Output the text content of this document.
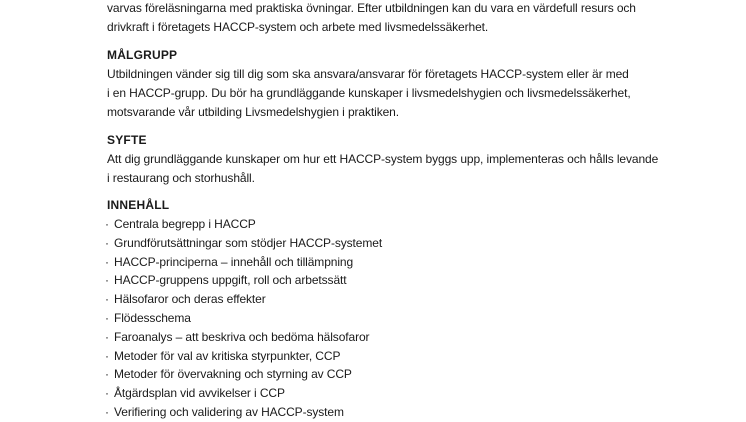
varvas föreläsningarna med praktiska övningar. Efter utbildningen kan du vara en värdefull resurs och
drivkraft i företagets HACCP-system och arbete med livsmedelssäkerhet.
MÅLGRUPP
Utbildningen vänder sig till dig som ska ansvara/ansvarar för företagets HACCP-system eller är med
i en HACCP-grupp. Du bör ha grundläggande kunskaper i livsmedelshygien och livsmedelssäkerhet,
motsvarande vår utbilding Livsmedelshygien i praktiken.
SYFTE
Att dig grundläggande kunskaper om hur ett HACCP-system byggs upp, implementeras och hålls levande
i restaurang och storhushåll.
INNEHÅLL
· Centrala begrepp i HACCP
· Grundförutsättningar som stödjer HACCP-systemet
· HACCP-principerna – innehåll och tillämpning
· HACCP-gruppens uppgift, roll och arbetssätt
· Hälsofaror och deras effekter
· Flödesschema
· Faroanalys – att beskriva och bedöma hälsofaror
· Metoder för val av kritiska styrpunkter, CCP
· Metoder för övervakning och styrning av CCP
· Åtgärdsplan vid avvikelser i CCP
· Verifiering och validering av HACCP-system
